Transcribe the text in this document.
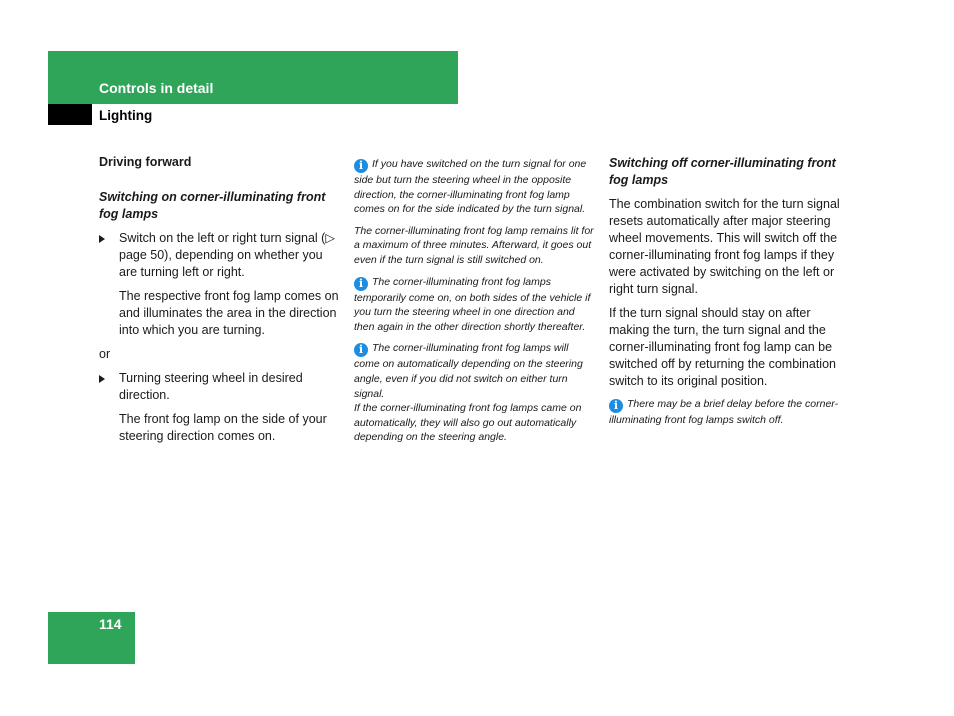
Controls in detail
Lighting

Driving forward

Switching on corner-illuminating front fog lamps

Switch on the left or right turn signal (▷ page 50), depending on whether you are turning left or right.

The respective front fog lamp comes on and illuminates the area in the direction into which you are turning.

or

Turning steering wheel in desired direction.

The front fog lamp on the side of your steering direction comes on.

i If you have switched on the turn signal for one side but turn the steering wheel in the opposite direction, the corner-illuminating front fog lamp comes on for the side indicated by the turn signal.

The corner-illuminating front fog lamp remains lit for a maximum of three minutes. Afterward, it goes out even if the turn signal is still switched on.

i The corner-illuminating front fog lamps temporarily come on, on both sides of the vehicle if you turn the steering wheel in one direction and then again in the other direction shortly thereafter.

i The corner-illuminating front fog lamps will come on automatically depending on the steering angle, even if you did not switch on either turn signal.

If the corner-illuminating front fog lamps came on automatically, they will also go out automatically depending on the steering angle.

Switching off corner-illuminating front fog lamps

The combination switch for the turn signal resets automatically after major steering wheel movements. This will switch off the corner-illuminating front fog lamps if they were activated by switching on the left or right turn signal.

If the turn signal should stay on after making the turn, the turn signal and the corner-illuminating front fog lamp can be switched off by returning the combination switch to its original position.

i There may be a brief delay before the corner-illuminating front fog lamps switch off.

114
